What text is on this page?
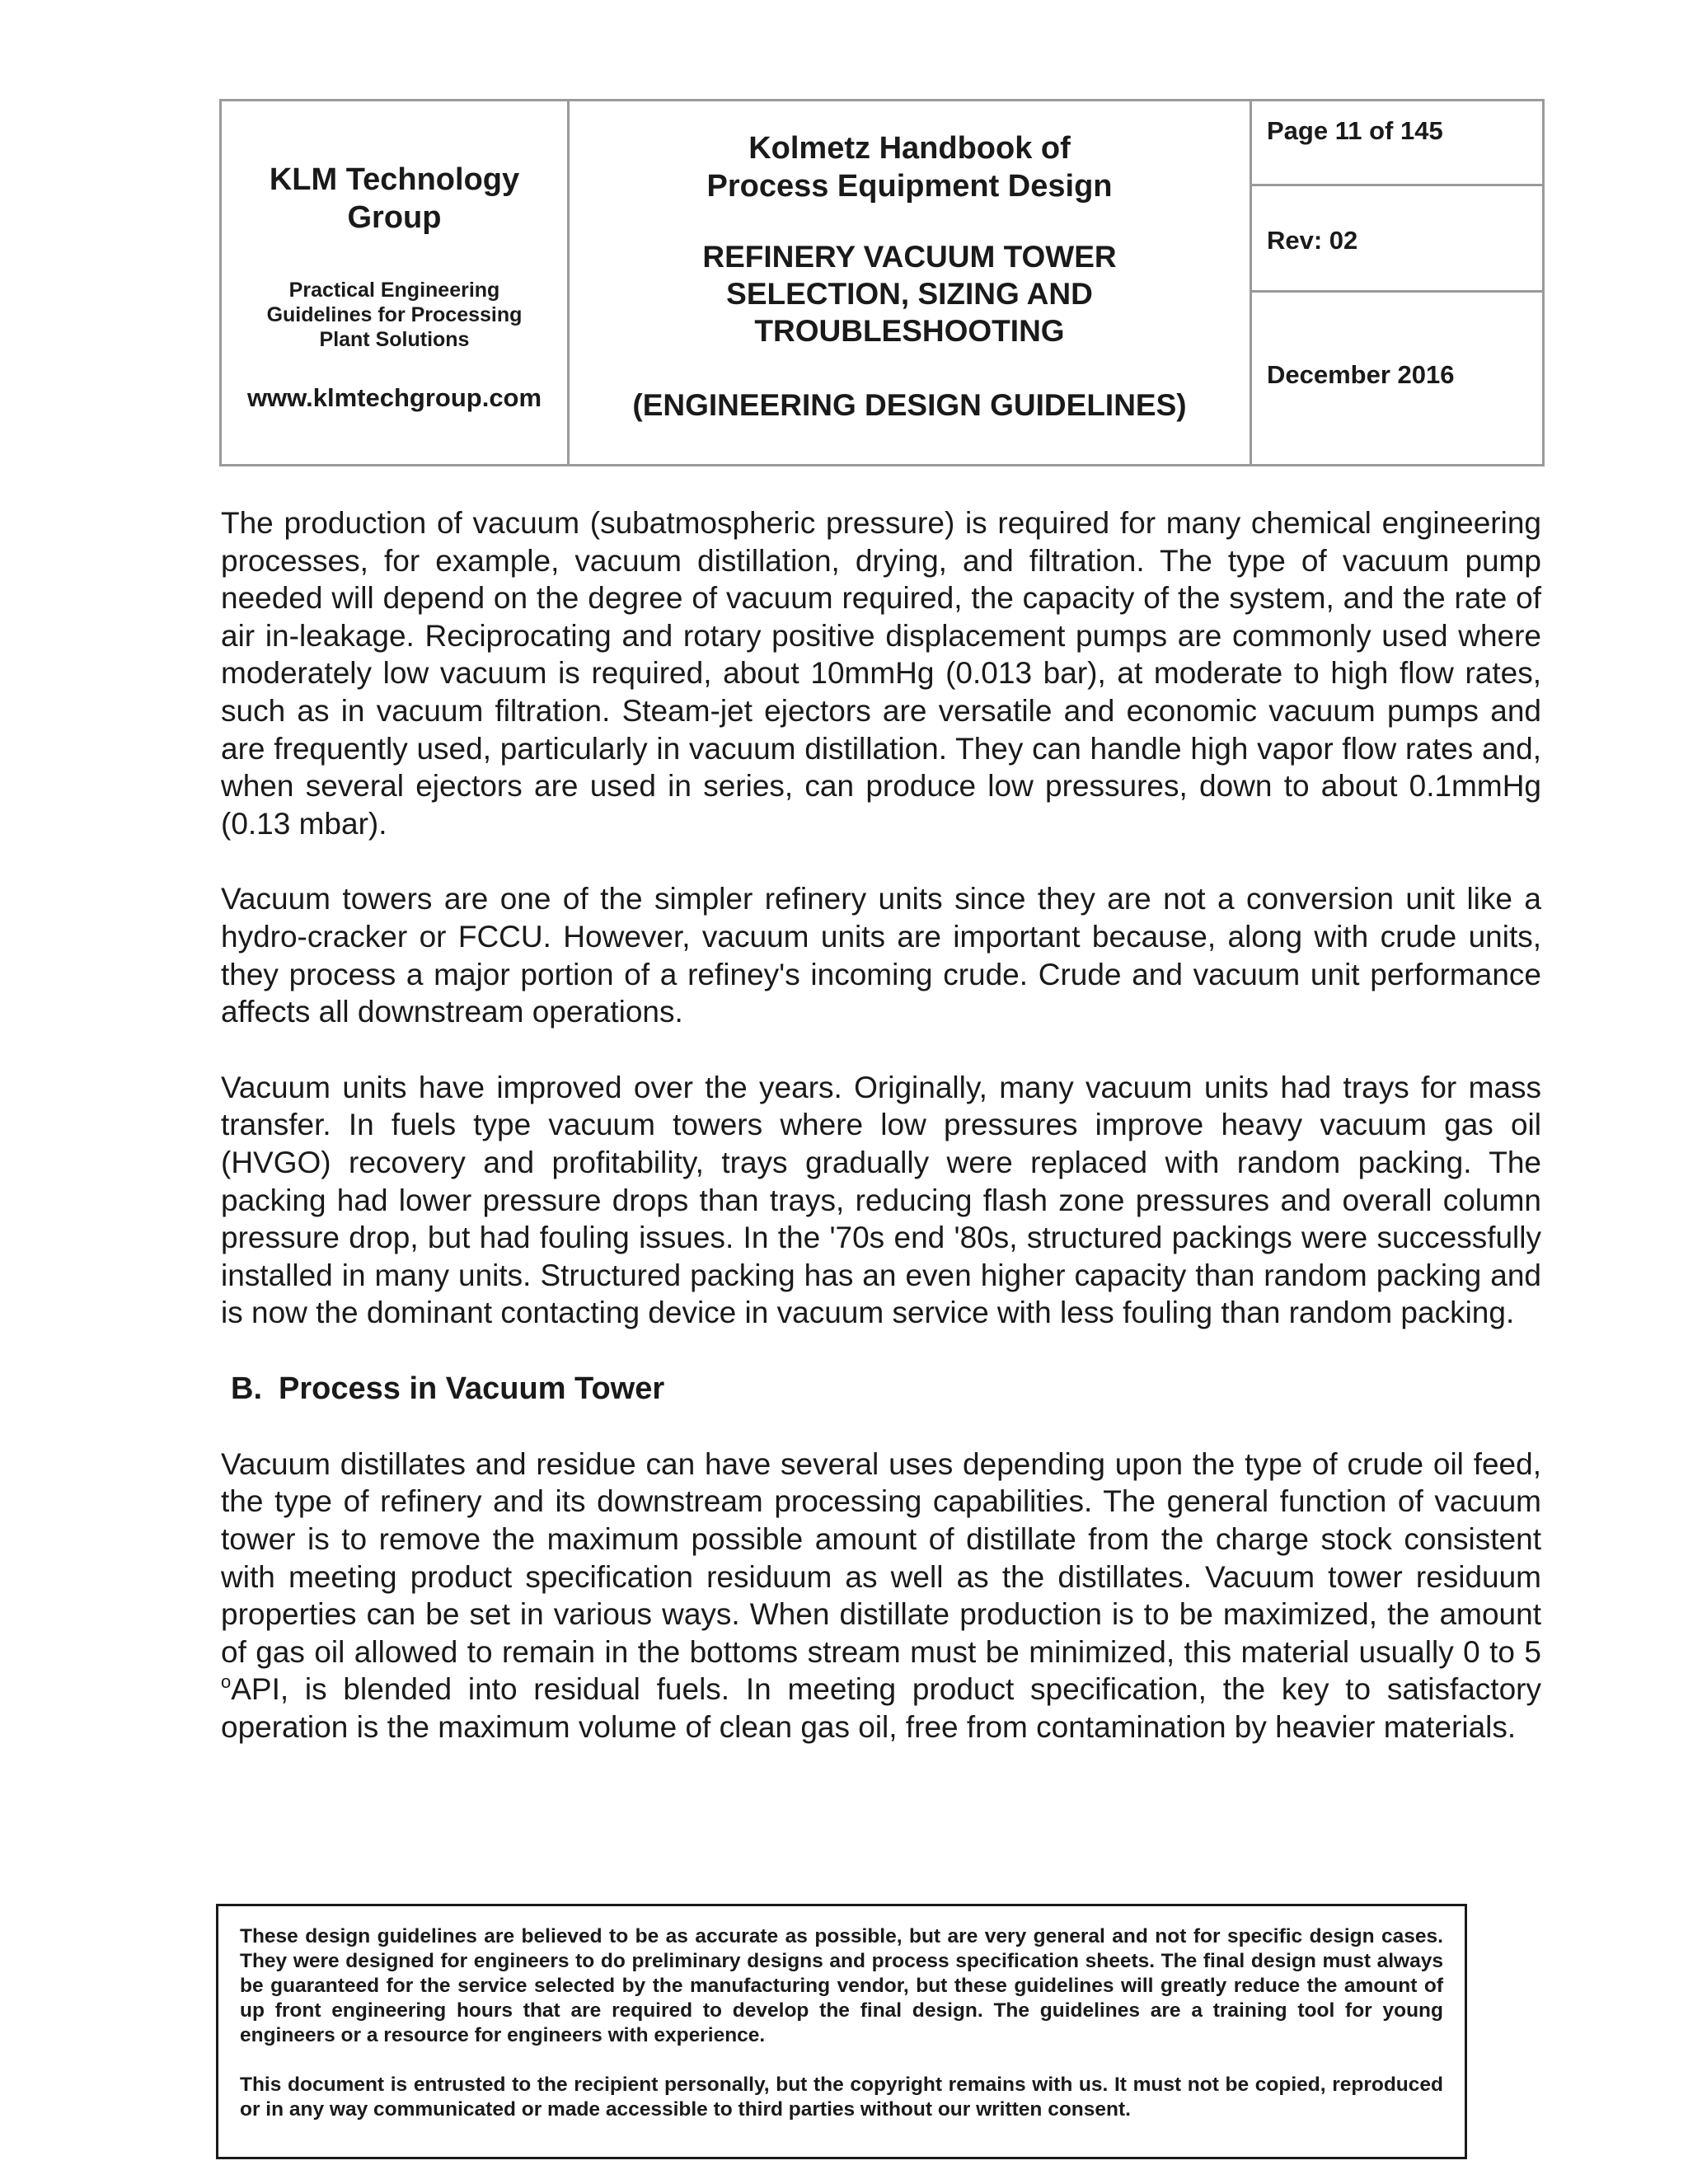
KLM Technology
Group
Practical Engineering
Guidelines for Processing
Plant Solutions
www.klmtechgroup.com
Kolmetz Handbook of
Process Equipment Design
REFINERY VACUUM TOWER
SELECTION, SIZING AND
TROUBLESHOOTING
(ENGINEERING DESIGN GUIDELINES)
Page 11 of 145
Rev: 02
December 2016

The production of vacuum (subatmospheric pressure) is required for many chemical engineering processes, for example, vacuum distillation, drying, and filtration. The type of vacuum pump needed will depend on the degree of vacuum required, the capacity of the system, and the rate of air in-leakage. Reciprocating and rotary positive displacement pumps are commonly used where moderately low vacuum is required, about 10mmHg (0.013 bar), at moderate to high flow rates, such as in vacuum filtration. Steam-jet ejectors are versatile and economic vacuum pumps and are frequently used, particularly in vacuum distillation. They can handle high vapor flow rates and, when several ejectors are used in series, can produce low pressures, down to about 0.1mmHg (0.13 mbar).

Vacuum towers are one of the simpler refinery units since they are not a conversion unit like a hydro-cracker or FCCU. However, vacuum units are important because, along with crude units, they process a major portion of a refiney's incoming crude. Crude and vacuum unit performance affects all downstream operations.

Vacuum units have improved over the years. Originally, many vacuum units had trays for mass transfer. In fuels type vacuum towers where low pressures improve heavy vacuum gas oil (HVGO) recovery and profitability, trays gradually were replaced with random packing. The packing had lower pressure drops than trays, reducing flash zone pressures and overall column pressure drop, but had fouling issues. In the '70s end '80s, structured packings were successfully installed in many units. Structured packing has an even higher capacity than random packing and is now the dominant contacting device in vacuum service with less fouling than random packing.

B. Process in Vacuum Tower

Vacuum distillates and residue can have several uses depending upon the type of crude oil feed, the type of refinery and its downstream processing capabilities. The general function of vacuum tower is to remove the maximum possible amount of distillate from the charge stock consistent with meeting product specification residuum as well as the distillates. Vacuum tower residuum properties can be set in various ways. When distillate production is to be maximized, the amount of gas oil allowed to remain in the bottoms stream must be minimized, this material usually 0 to 5 $^o$API, is blended into residual fuels. In meeting product specification, the key to satisfactory operation is the maximum volume of clean gas oil, free from contamination by heavier materials.

These design guidelines are believed to be as accurate as possible, but are very general and not for specific design cases. They were designed for engineers to do preliminary designs and process specification sheets. The final design must always be guaranteed for the service selected by the manufacturing vendor, but these guidelines will greatly reduce the amount of up front engineering hours that are required to develop the final design. The guidelines are a training tool for young engineers or a resource for engineers with experience.

This document is entrusted to the recipient personally, but the copyright remains with us. It must not be copied, reproduced or in any way communicated or made accessible to third parties without our written consent.
